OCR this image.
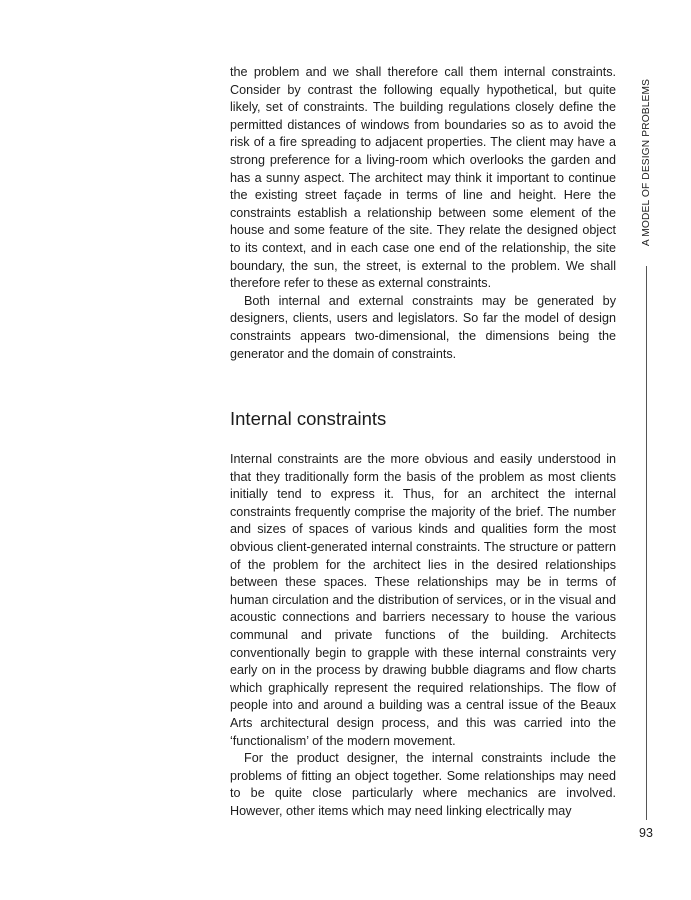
the problem and we shall therefore call them internal constraints. Consider by contrast the following equally hypothetical, but quite likely, set of constraints. The building regulations closely define the permitted distances of windows from boundaries so as to avoid the risk of a fire spreading to adjacent properties. The client may have a strong preference for a living-room which overlooks the garden and has a sunny aspect. The architect may think it important to continue the existing street façade in terms of line and height. Here the constraints establish a relationship between some element of the house and some feature of the site. They relate the designed object to its context, and in each case one end of the relationship, the site boundary, the sun, the street, is external to the problem. We shall therefore refer to these as external constraints.

Both internal and external constraints may be generated by designers, clients, users and legislators. So far the model of design constraints appears two-dimensional, the dimensions being the generator and the domain of constraints.

Internal constraints

Internal constraints are the more obvious and easily understood in that they traditionally form the basis of the problem as most clients initially tend to express it. Thus, for an architect the internal constraints frequently comprise the majority of the brief. The number and sizes of spaces of various kinds and qualities form the most obvious client-generated internal constraints. The structure or pattern of the problem for the architect lies in the desired relationships between these spaces. These relationships may be in terms of human circulation and the distribution of services, or in the visual and acoustic connections and barriers necessary to house the various communal and private functions of the building. Architects conventionally begin to grapple with these internal constraints very early on in the process by drawing bubble diagrams and flow charts which graphically represent the required relationships. The flow of people into and around a building was a central issue of the Beaux Arts architectural design process, and this was carried into the ‘functionalism’ of the modern movement.

For the product designer, the internal constraints include the problems of fitting an object together. Some relationships may need to be quite close particularly where mechanics are involved. However, other items which may need linking electrically may

A MODEL OF DESIGN PROBLEMS
93
